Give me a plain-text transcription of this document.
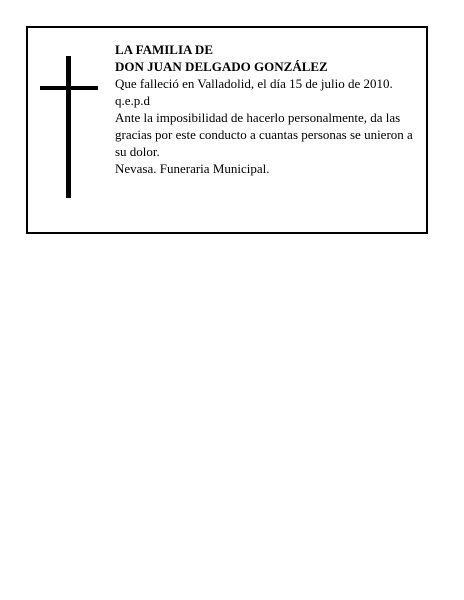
LA FAMILIA DE

DON JUAN DELGADO GONZÁLEZ

Que falleció en Valladolid, el día 15 de julio de 2010.

q.e.p.d

Ante la imposibilidad de hacerlo personalmente, da las gracias por este conducto a cuantas personas se unieron a su dolor.

Nevasa. Funeraria Municipal.
